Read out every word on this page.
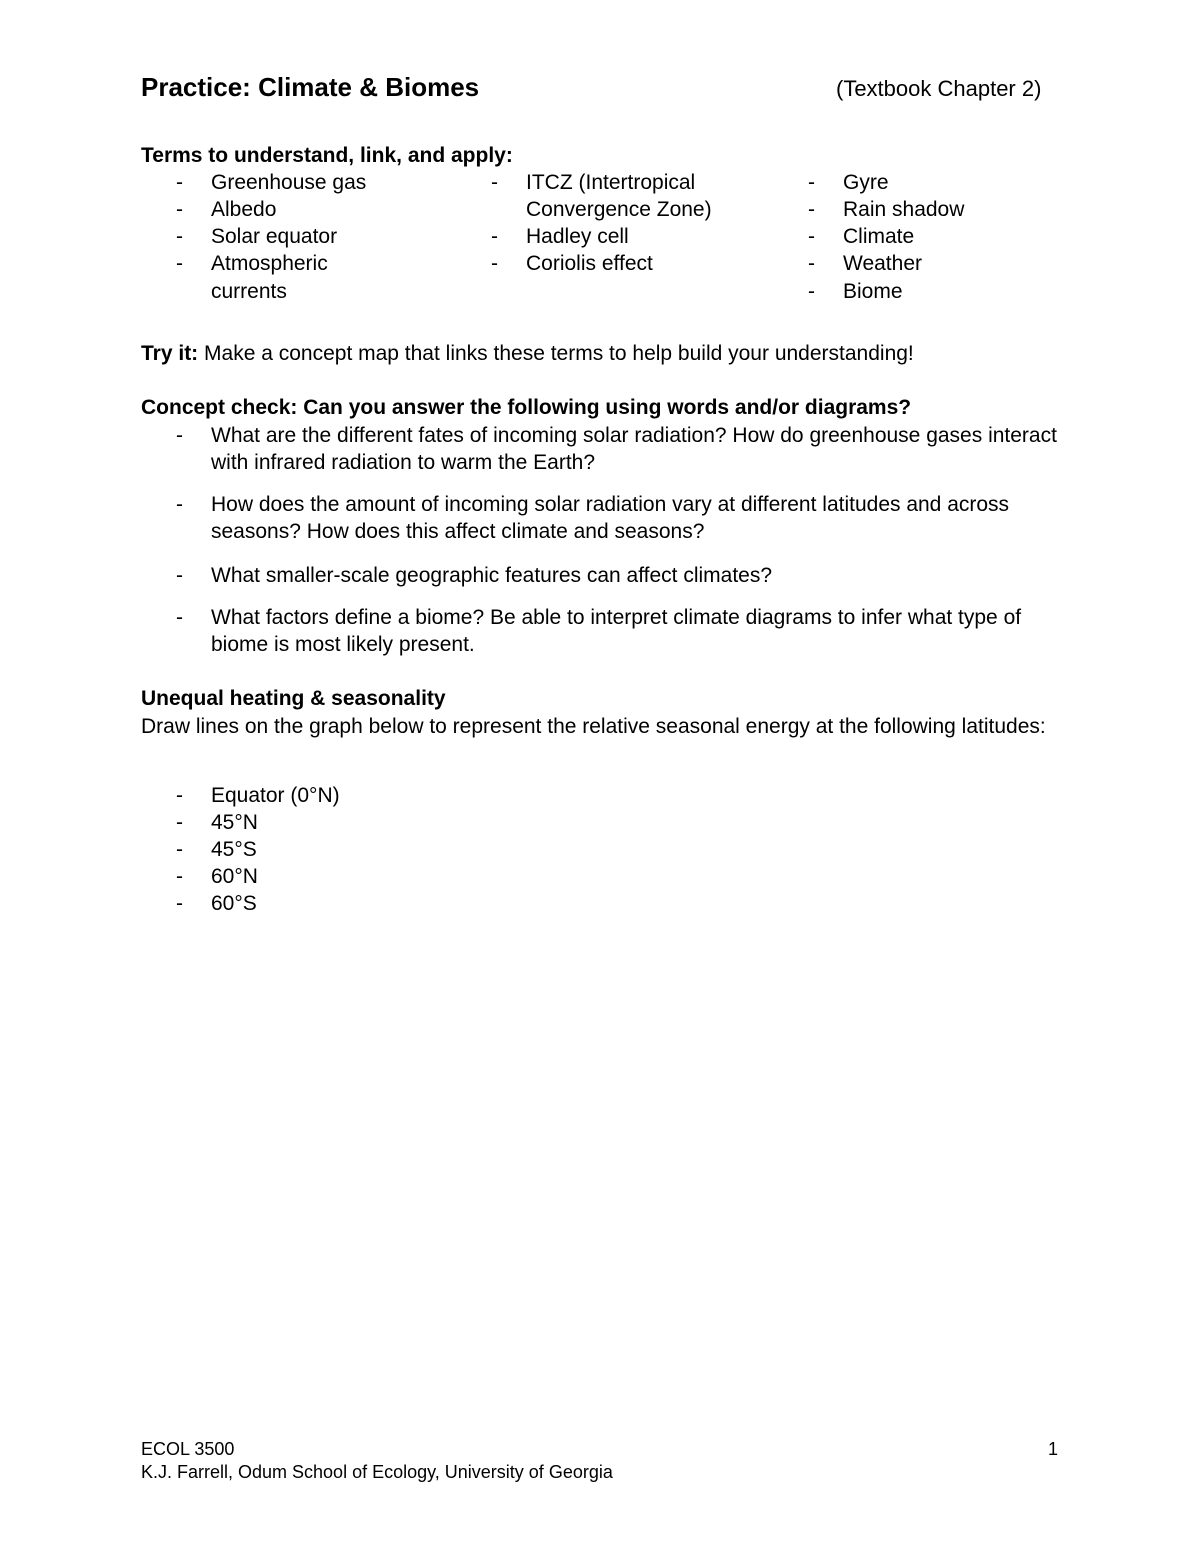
Practice: Climate & Biomes	(Textbook Chapter 2)
Terms to understand, link, and apply:
- Greenhouse gas
- Albedo
- Solar equator
- Atmospheric
currents
- ITCZ (Intertropical
Convergence Zone)
- Hadley cell
- Coriolis effect
- Gyre
- Rain shadow
- Climate
- Weather
- Biome
Try it: Make a concept map that links these terms to help build your understanding!
Concept check: Can you answer the following using words and/or diagrams?
- What are the different fates of incoming solar radiation? How do greenhouse gases interact with infrared radiation to warm the Earth?
- How does the amount of incoming solar radiation vary at different latitudes and across seasons? How does this affect climate and seasons?
- What smaller-scale geographic features can affect climates?
- What factors define a biome? Be able to interpret climate diagrams to infer what type of biome is most likely present.
Unequal heating & seasonality
Draw lines on the graph below to represent the relative seasonal energy at the following latitudes:
- Equator (0°N)
- 45°N
- 45°S
- 60°N
- 60°S
ECOL 3500	1
K.J. Farrell, Odum School of Ecology, University of Georgia
